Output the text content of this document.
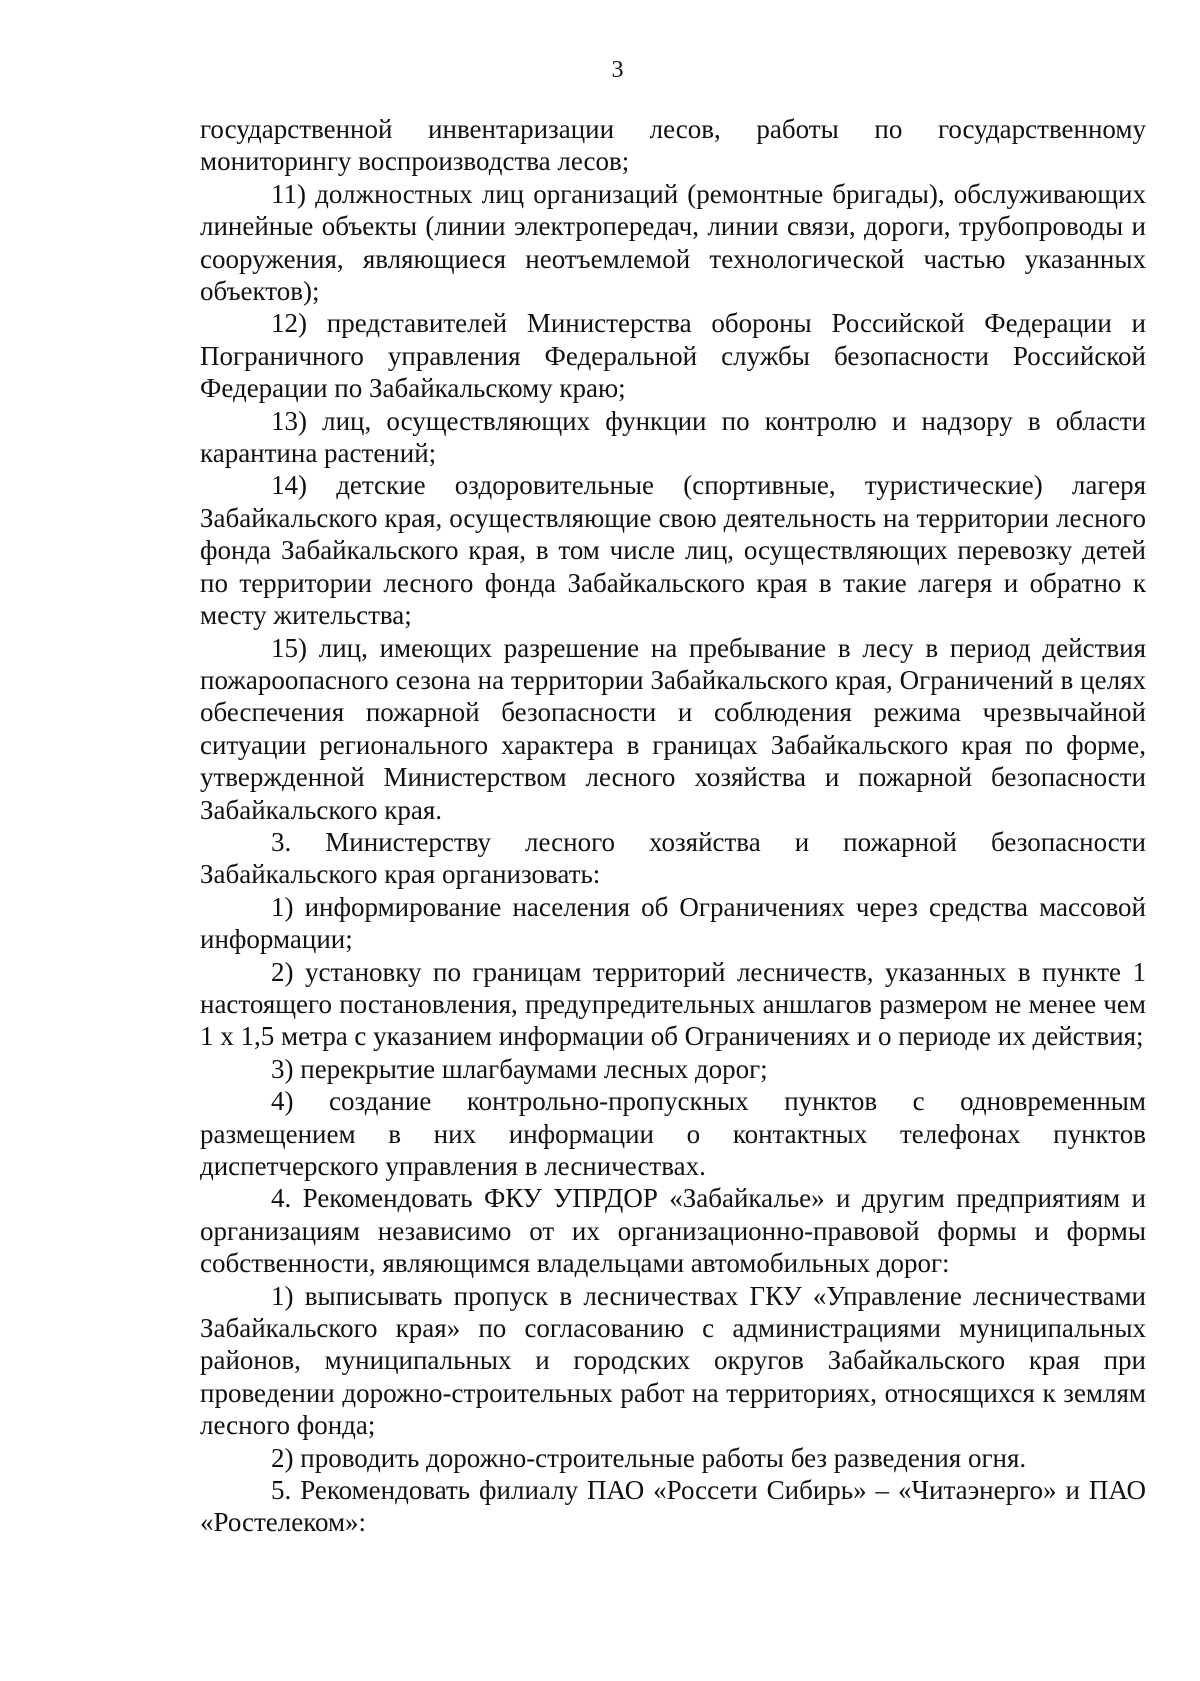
3

государственной инвентаризации лесов, работы по государственному мониторингу воспроизводства лесов;

11) должностных лиц организаций (ремонтные бригады), обслуживающих линейные объекты (линии электропередач, линии связи, дороги, трубопроводы и сооружения, являющиеся неотъемлемой технологической частью указанных объектов);

12) представителей Министерства обороны Российской Федерации и Пограничного управления Федеральной службы безопасности Российской Федерации по Забайкальскому краю;

13) лиц, осуществляющих функции по контролю и надзору в области карантина растений;

14) детские оздоровительные (спортивные, туристические) лагеря Забайкальского края, осуществляющие свою деятельность на территории лесного фонда Забайкальского края, в том числе лиц, осуществляющих перевозку детей по территории лесного фонда Забайкальского края в такие лагеря и обратно к месту жительства;

15) лиц, имеющих разрешение на пребывание в лесу в период действия пожароопасного сезона на территории Забайкальского края, Ограничений в целях обеспечения пожарной безопасности и соблюдения режима чрезвычайной ситуации регионального характера в границах Забайкальского края по форме, утвержденной Министерством лесного хозяйства и пожарной безопасности Забайкальского края.

3. Министерству лесного хозяйства и пожарной безопасности Забайкальского края организовать:

1) информирование населения об Ограничениях через средства массовой информации;

2) установку по границам территорий лесничеств, указанных в пункте 1 настоящего постановления, предупредительных аншлагов размером не менее чем 1 х 1,5 метра с указанием информации об Ограничениях и о периоде их действия;

3) перекрытие шлагбаумами лесных дорог;

4) создание контрольно-пропускных пунктов с одновременным размещением в них информации о контактных телефонах пунктов диспетчерского управления в лесничествах.

4. Рекомендовать ФКУ УПРДОР «Забайкалье» и другим предприятиям и организациям независимо от их организационно-правовой формы и формы собственности, являющимся владельцами автомобильных дорог:

1) выписывать пропуск в лесничествах ГКУ «Управление лесничествами Забайкальского края» по согласованию с администрациями муниципальных районов, муниципальных и городских округов Забайкальского края при проведении дорожно-строительных работ на территориях, относящихся к землям лесного фонда;

2) проводить дорожно-строительные работы без разведения огня.

5. Рекомендовать филиалу ПАО «Россети Сибирь» – «Читаэнерго» и ПАО «Ростелеком»:
